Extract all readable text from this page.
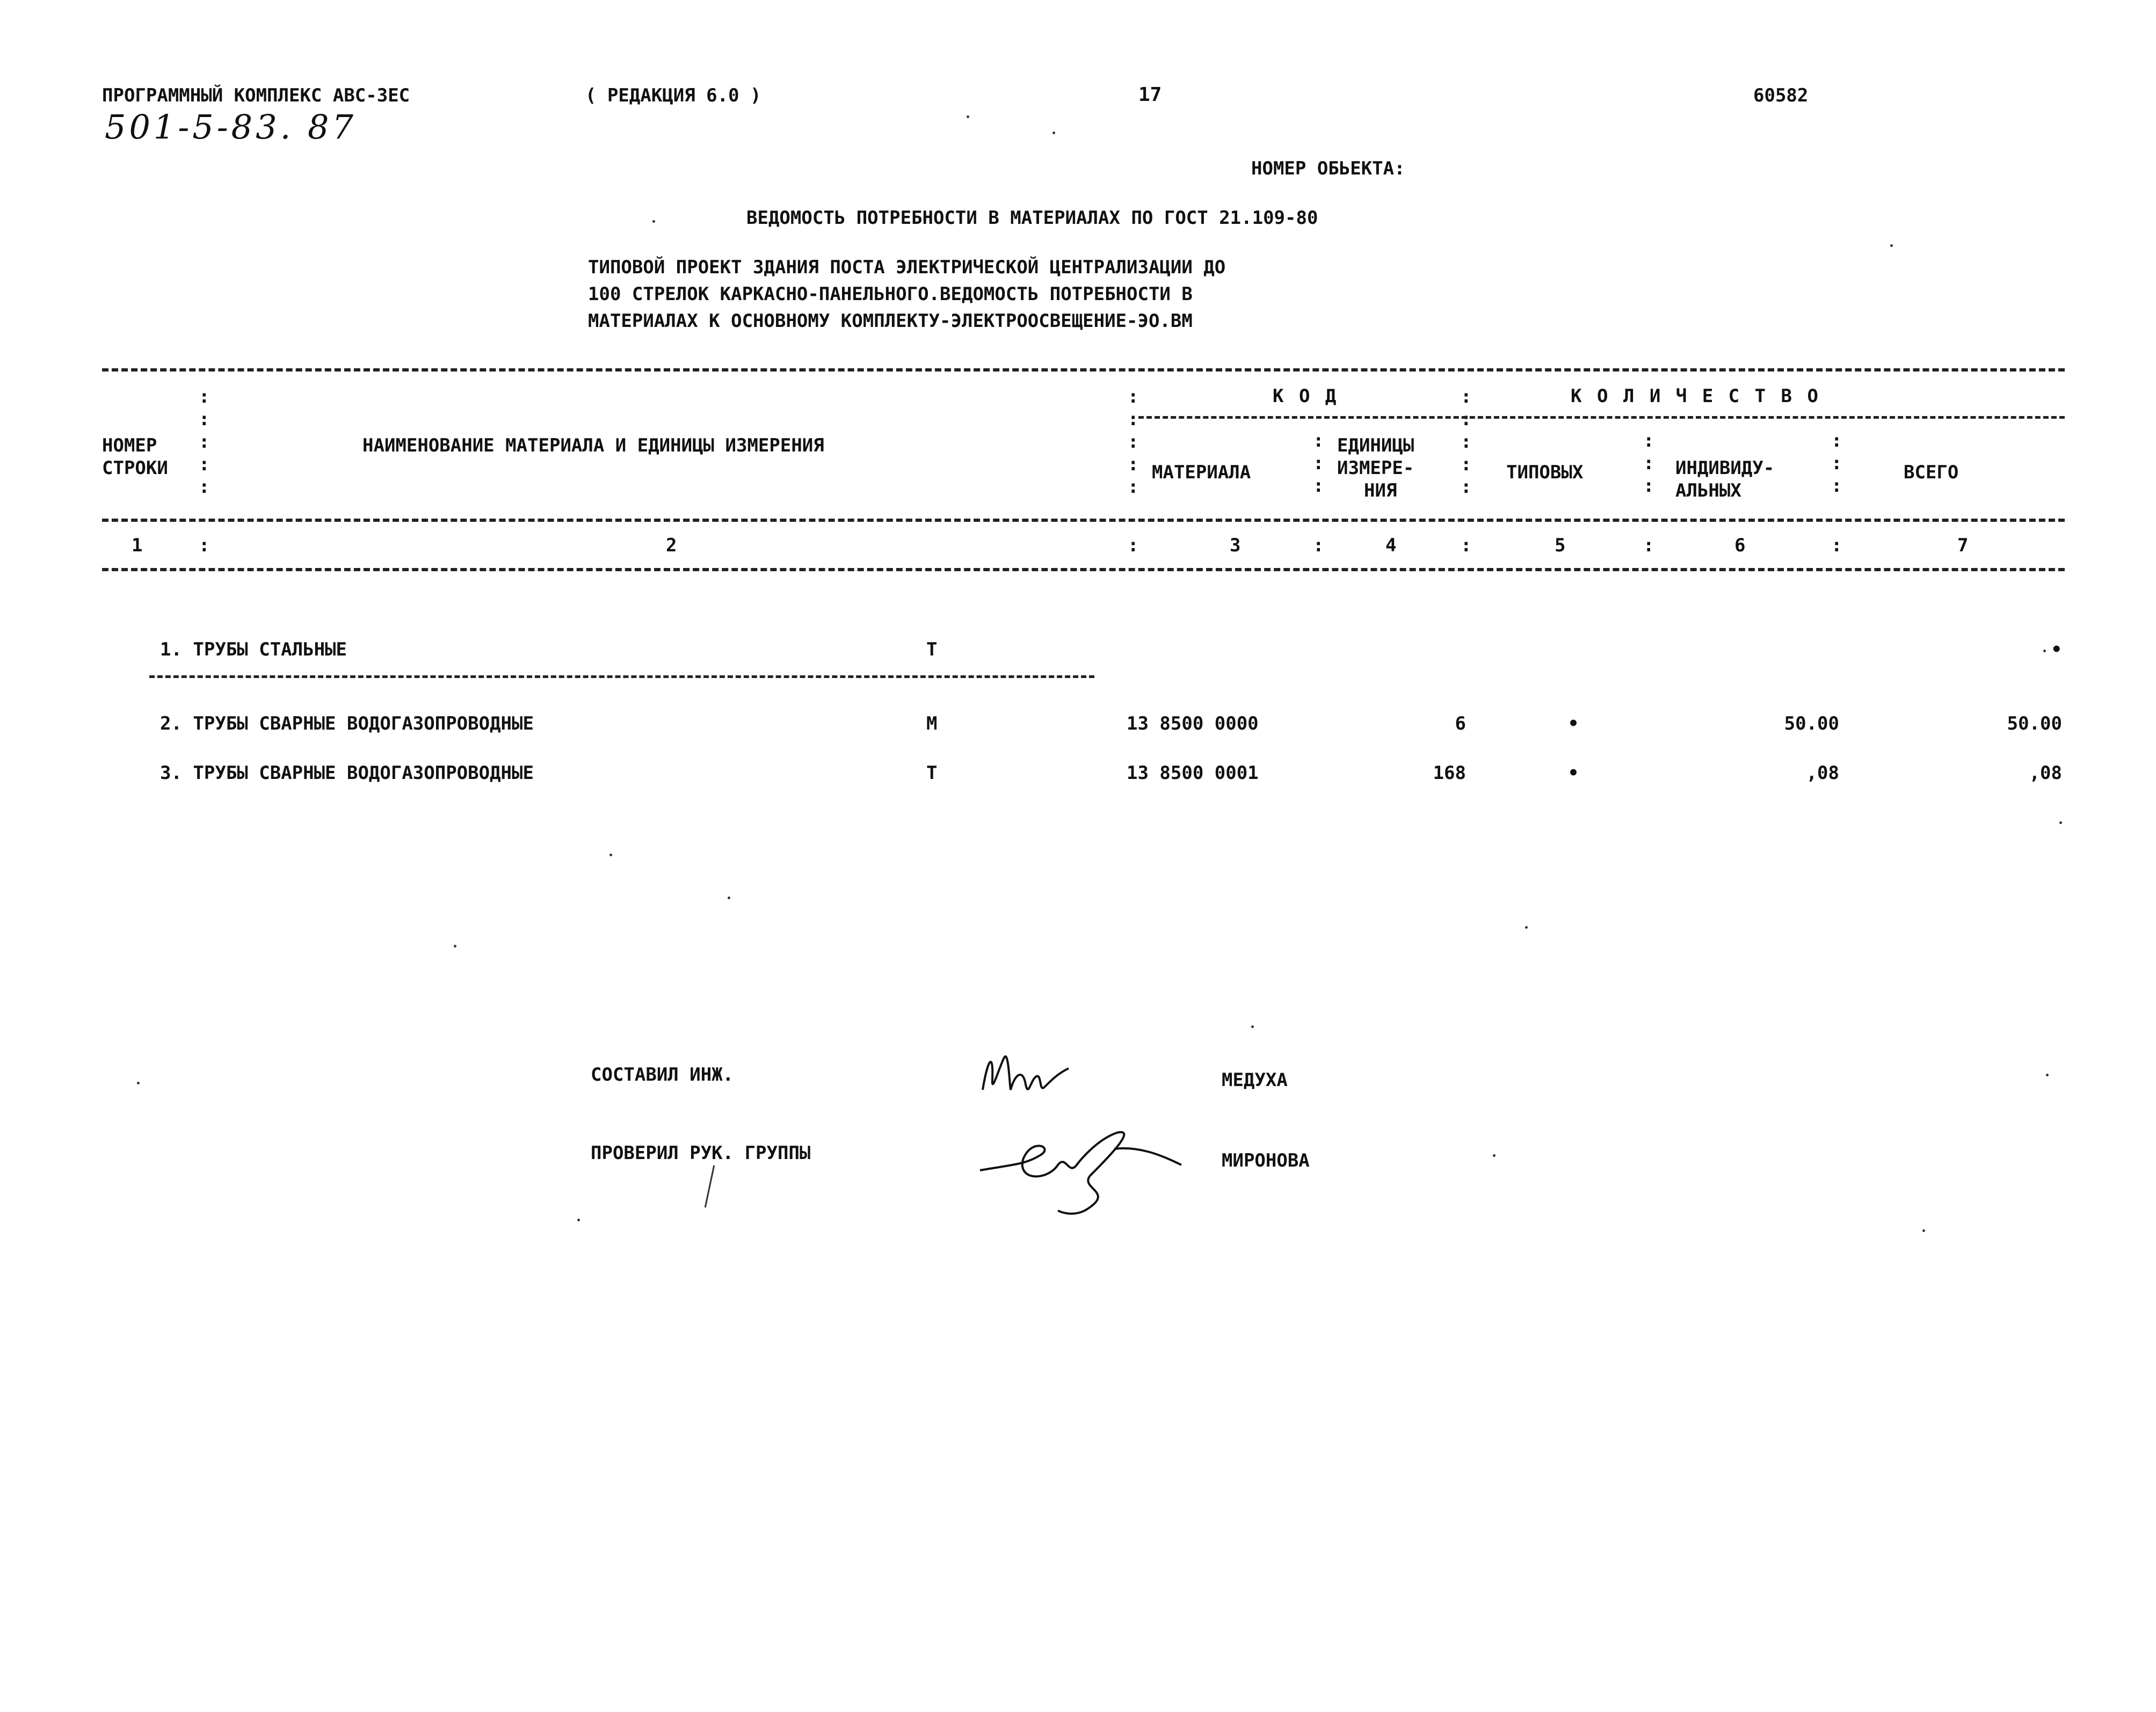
ПРОГРАММНЫЙ КОМПЛЕКС АВС-3ЕС	( РЕДАКЦИЯ 6.0 )	17	60582
501-5-83. 87
НОМЕР ОБЬЕКТА:
ВЕДОМОСТЬ ПОТРЕБНОСТИ В МАТЕРИАЛАХ ПО ГОСТ 21.109-80
ТИПОВОЙ ПРОЕКТ ЗДАНИЯ ПОСТА ЭЛЕКТРИЧЕСКОЙ ЦЕНТРАЛИЗАЦИИ ДО
100 СТРЕЛОК КАРКАСНО-ПАНЕЛЬНОГО.ВЕДОМОСТЬ ПОТРЕБНОСТИ В
МАТЕРИАЛАХ К ОСНОВНОМУ КОМПЛЕКТУ-ЭЛЕКТРООСВЕЩЕНИЕ-ЭО.ВМ
:
:
:
:
:
:
:
:
:
:
:
:
:
:
:
:
:
:
:
:
:
:
:
:
К О Д	К О Л И Ч Е С Т В О
НОМЕР
СТРОКИ
НАИМЕНОВАНИЕ МАТЕРИАЛА И ЕДИНИЦЫ ИЗМЕРЕНИЯ
МАТЕРИАЛА
ЕДИНИЦЫ
ИЗМЕРЕ-
НИЯ
ТИПОВЫХ	ИНДИВИДУ-
АЛЬНЫХ
ВСЕГО
1	:	2	:	3	:	4	:	5	:	6	:	7
1. ТРУБЫ СТАЛЬНЫЕ	Т	•
2. ТРУБЫ СВАРНЫЕ ВОДОГАЗОПРОВОДНЫЕ	М	13 8500 0000	6	•	50.00	50.00
3. ТРУБЫ СВАРНЫЕ ВОДОГАЗОПРОВОДНЫЕ	Т	13 8500 0001	168	•	,08	,08
СОСТАВИЛ ИНЖ.	МЕДУХА
ПРОВЕРИЛ РУК. ГРУППЫ	МИРОНОВА
